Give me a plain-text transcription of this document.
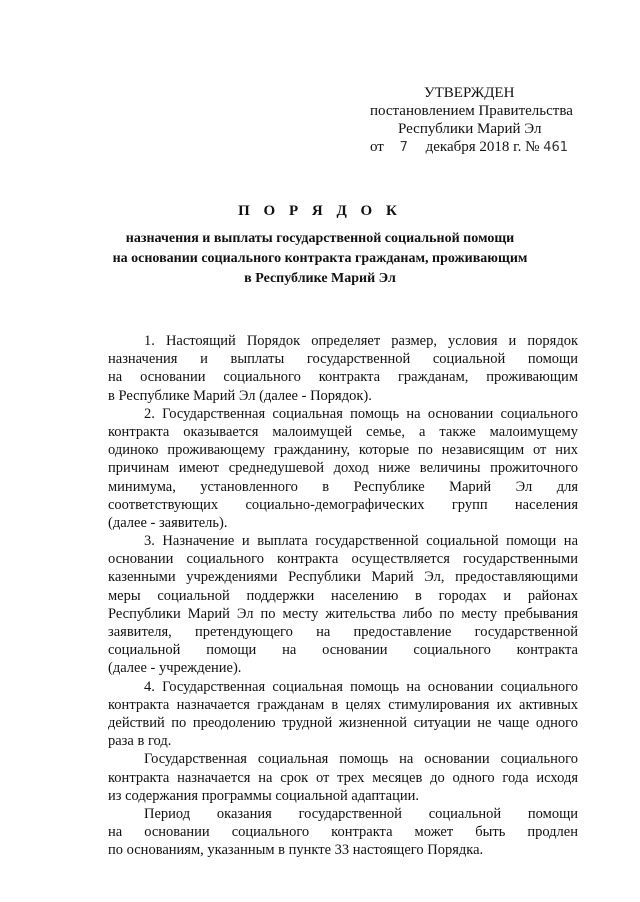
УТВЕРЖДЕН
постановлением Правительства
Республики Марий Эл
от 7 декабря 2018 г. № 461
П О Р Я Д О К
назначения и выплаты государственной социальной помощи
на основании социального контракта гражданам, проживающим
в Республике Марий Эл
1. Настоящий Порядок определяет размер, условия и порядок
назначения и выплаты государственной социальной помощи
на основании социального контракта гражданам, проживающим
в Республике Марий Эл (далее - Порядок).
2. Государственная социальная помощь на основании социального
контракта оказывается малоимущей семье, а также малоимущему
одиноко проживающему гражданину, которые по независящим от них
причинам имеют среднедушевой доход ниже величины прожиточного
минимума, установленного в Республике Марий Эл для
соответствующих социально-демографических групп населения
(далее - заявитель).
3. Назначение и выплата государственной социальной помощи на
основании социального контракта осуществляется государственными
казенными учреждениями Республики Марий Эл, предоставляющими
меры социальной поддержки населению в городах и районах
Республики Марий Эл по месту жительства либо по месту пребывания
заявителя, претендующего на предоставление государственной
социальной помощи на основании социального контракта
(далее - учреждение).
4. Государственная социальная помощь на основании социального
контракта назначается гражданам в целях стимулирования их активных
действий по преодолению трудной жизненной ситуации не чаще одного
раза в год.
Государственная социальная помощь на основании социального
контракта назначается на срок от трех месяцев до одного года исходя
из содержания программы социальной адаптации.
Период оказания государственной социальной помощи
на основании социального контракта может быть продлен
по основаниям, указанным в пункте 33 настоящего Порядка.
